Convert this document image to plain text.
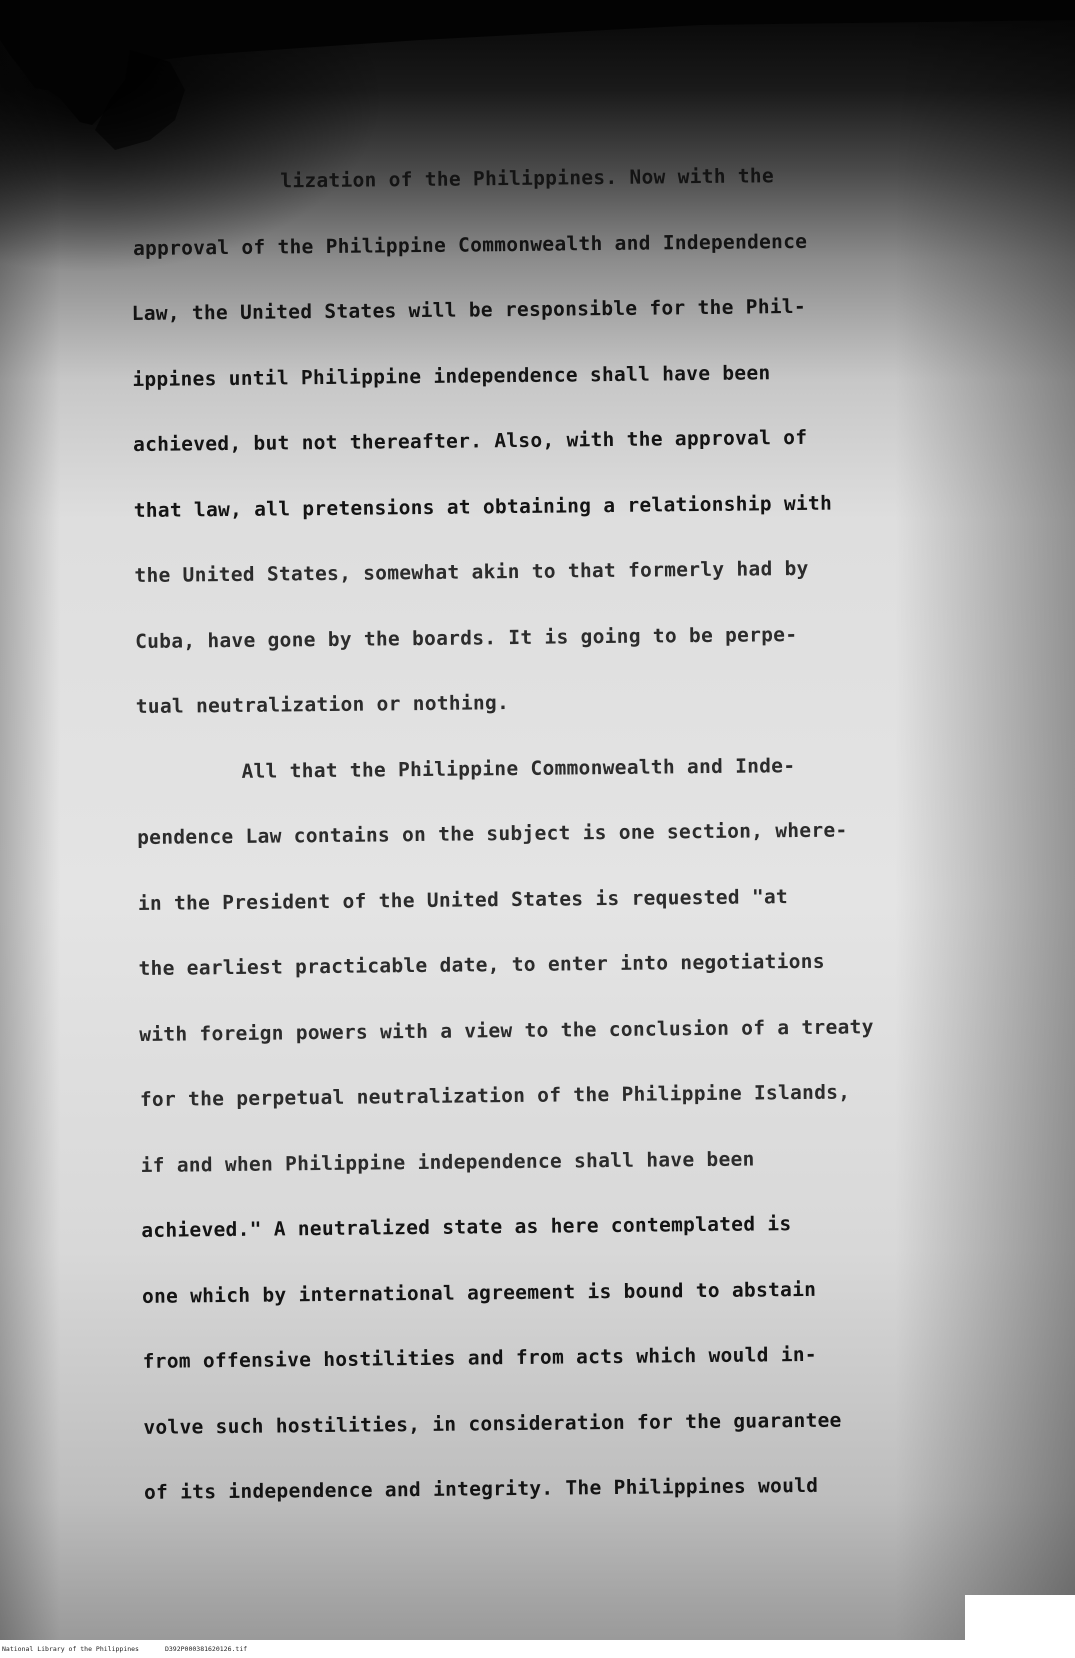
lization of the Philippines. Now with the
approval of the Philippine Commonwealth and Independence
Law, the United States will be responsible for the Phil-
ippines until Philippine independence shall have been
achieved, but not thereafter. Also, with the approval of
that law, all pretensions at obtaining a relationship with
the United States, somewhat akin to that formerly had by
Cuba, have gone by the boards. It is going to be perpe-
tual neutralization or nothing.
All that the Philippine Commonwealth and Inde-
pendence Law contains on the subject is one section, where-
in the President of the United States is requested "at
the earliest practicable date, to enter into negotiations
with foreign powers with a view to the conclusion of a treaty
for the perpetual neutralization of the Philippine Islands,
if and when Philippine independence shall have been
achieved." A neutralized state as here contemplated is
one which by international agreement is bound to abstain
from offensive hostilities and from acts which would in-
volve such hostilities, in consideration for the guarantee
of its independence and integrity. The Philippines would
National Library of the Philippines	D392P000381620126.tif
